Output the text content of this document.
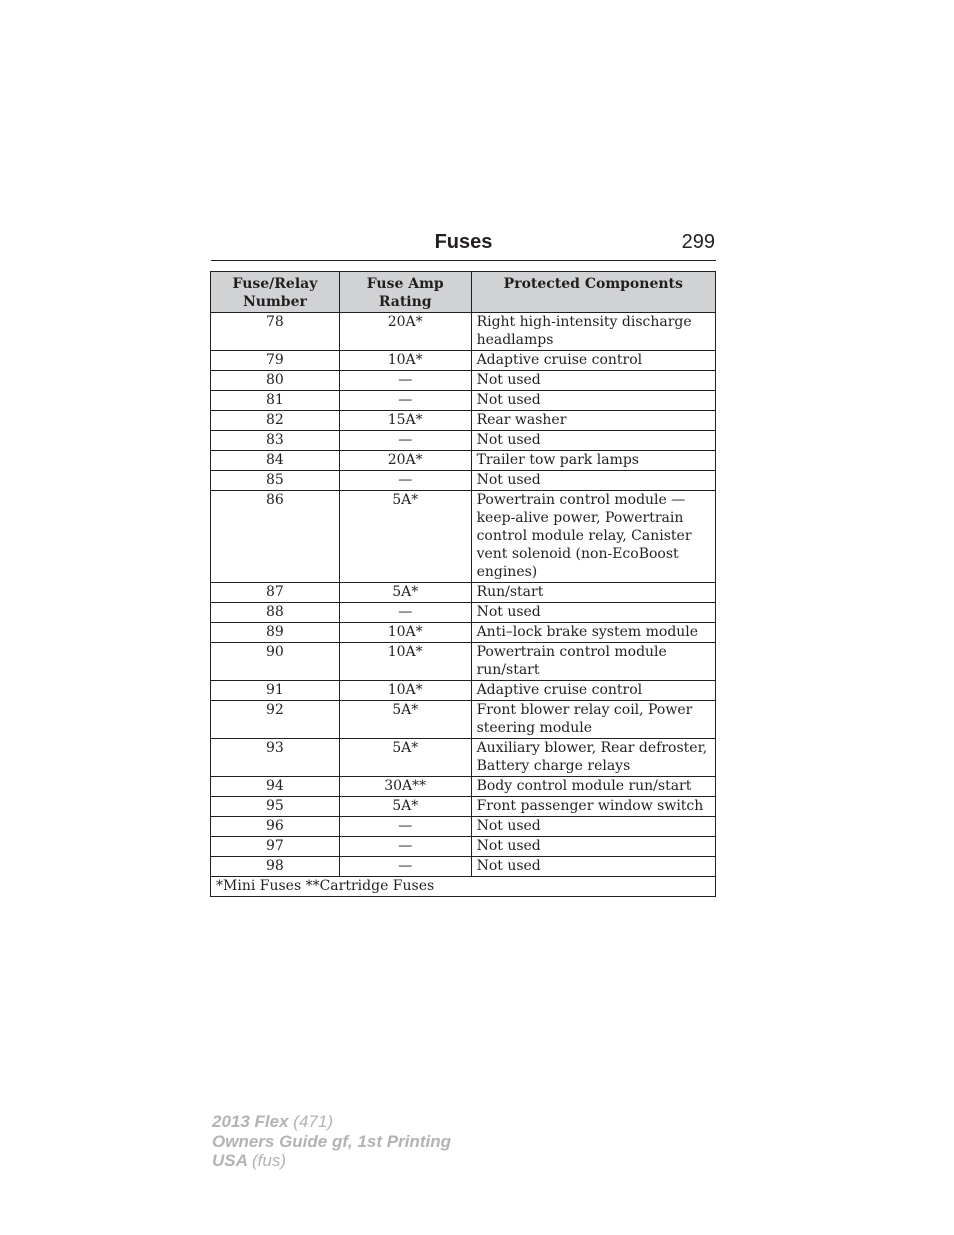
Fuses	299
Fuse/Relay Number	Fuse Amp Rating	Protected Components
78	20A*	Right high-intensity discharge headlamps
79	10A*	Adaptive cruise control
80	—	Not used
81	—	Not used
82	15A*	Rear washer
83	—	Not used
84	20A*	Trailer tow park lamps
85	—	Not used
86	5A*	Powertrain control module — keep-alive power, Powertrain control module relay, Canister vent solenoid (non-EcoBoost engines)
87	5A*	Run/start
88	—	Not used
89	10A*	Anti–lock brake system module
90	10A*	Powertrain control module run/start
91	10A*	Adaptive cruise control
92	5A*	Front blower relay coil, Power steering module
93	5A*	Auxiliary blower, Rear defroster, Battery charge relays
94	30A**	Body control module run/start
95	5A*	Front passenger window switch
96	—	Not used
97	—	Not used
98	—	Not used
*Mini Fuses **Cartridge Fuses		
2013 Flex (471)
Owners Guide gf, 1st Printing
USA (fus)
